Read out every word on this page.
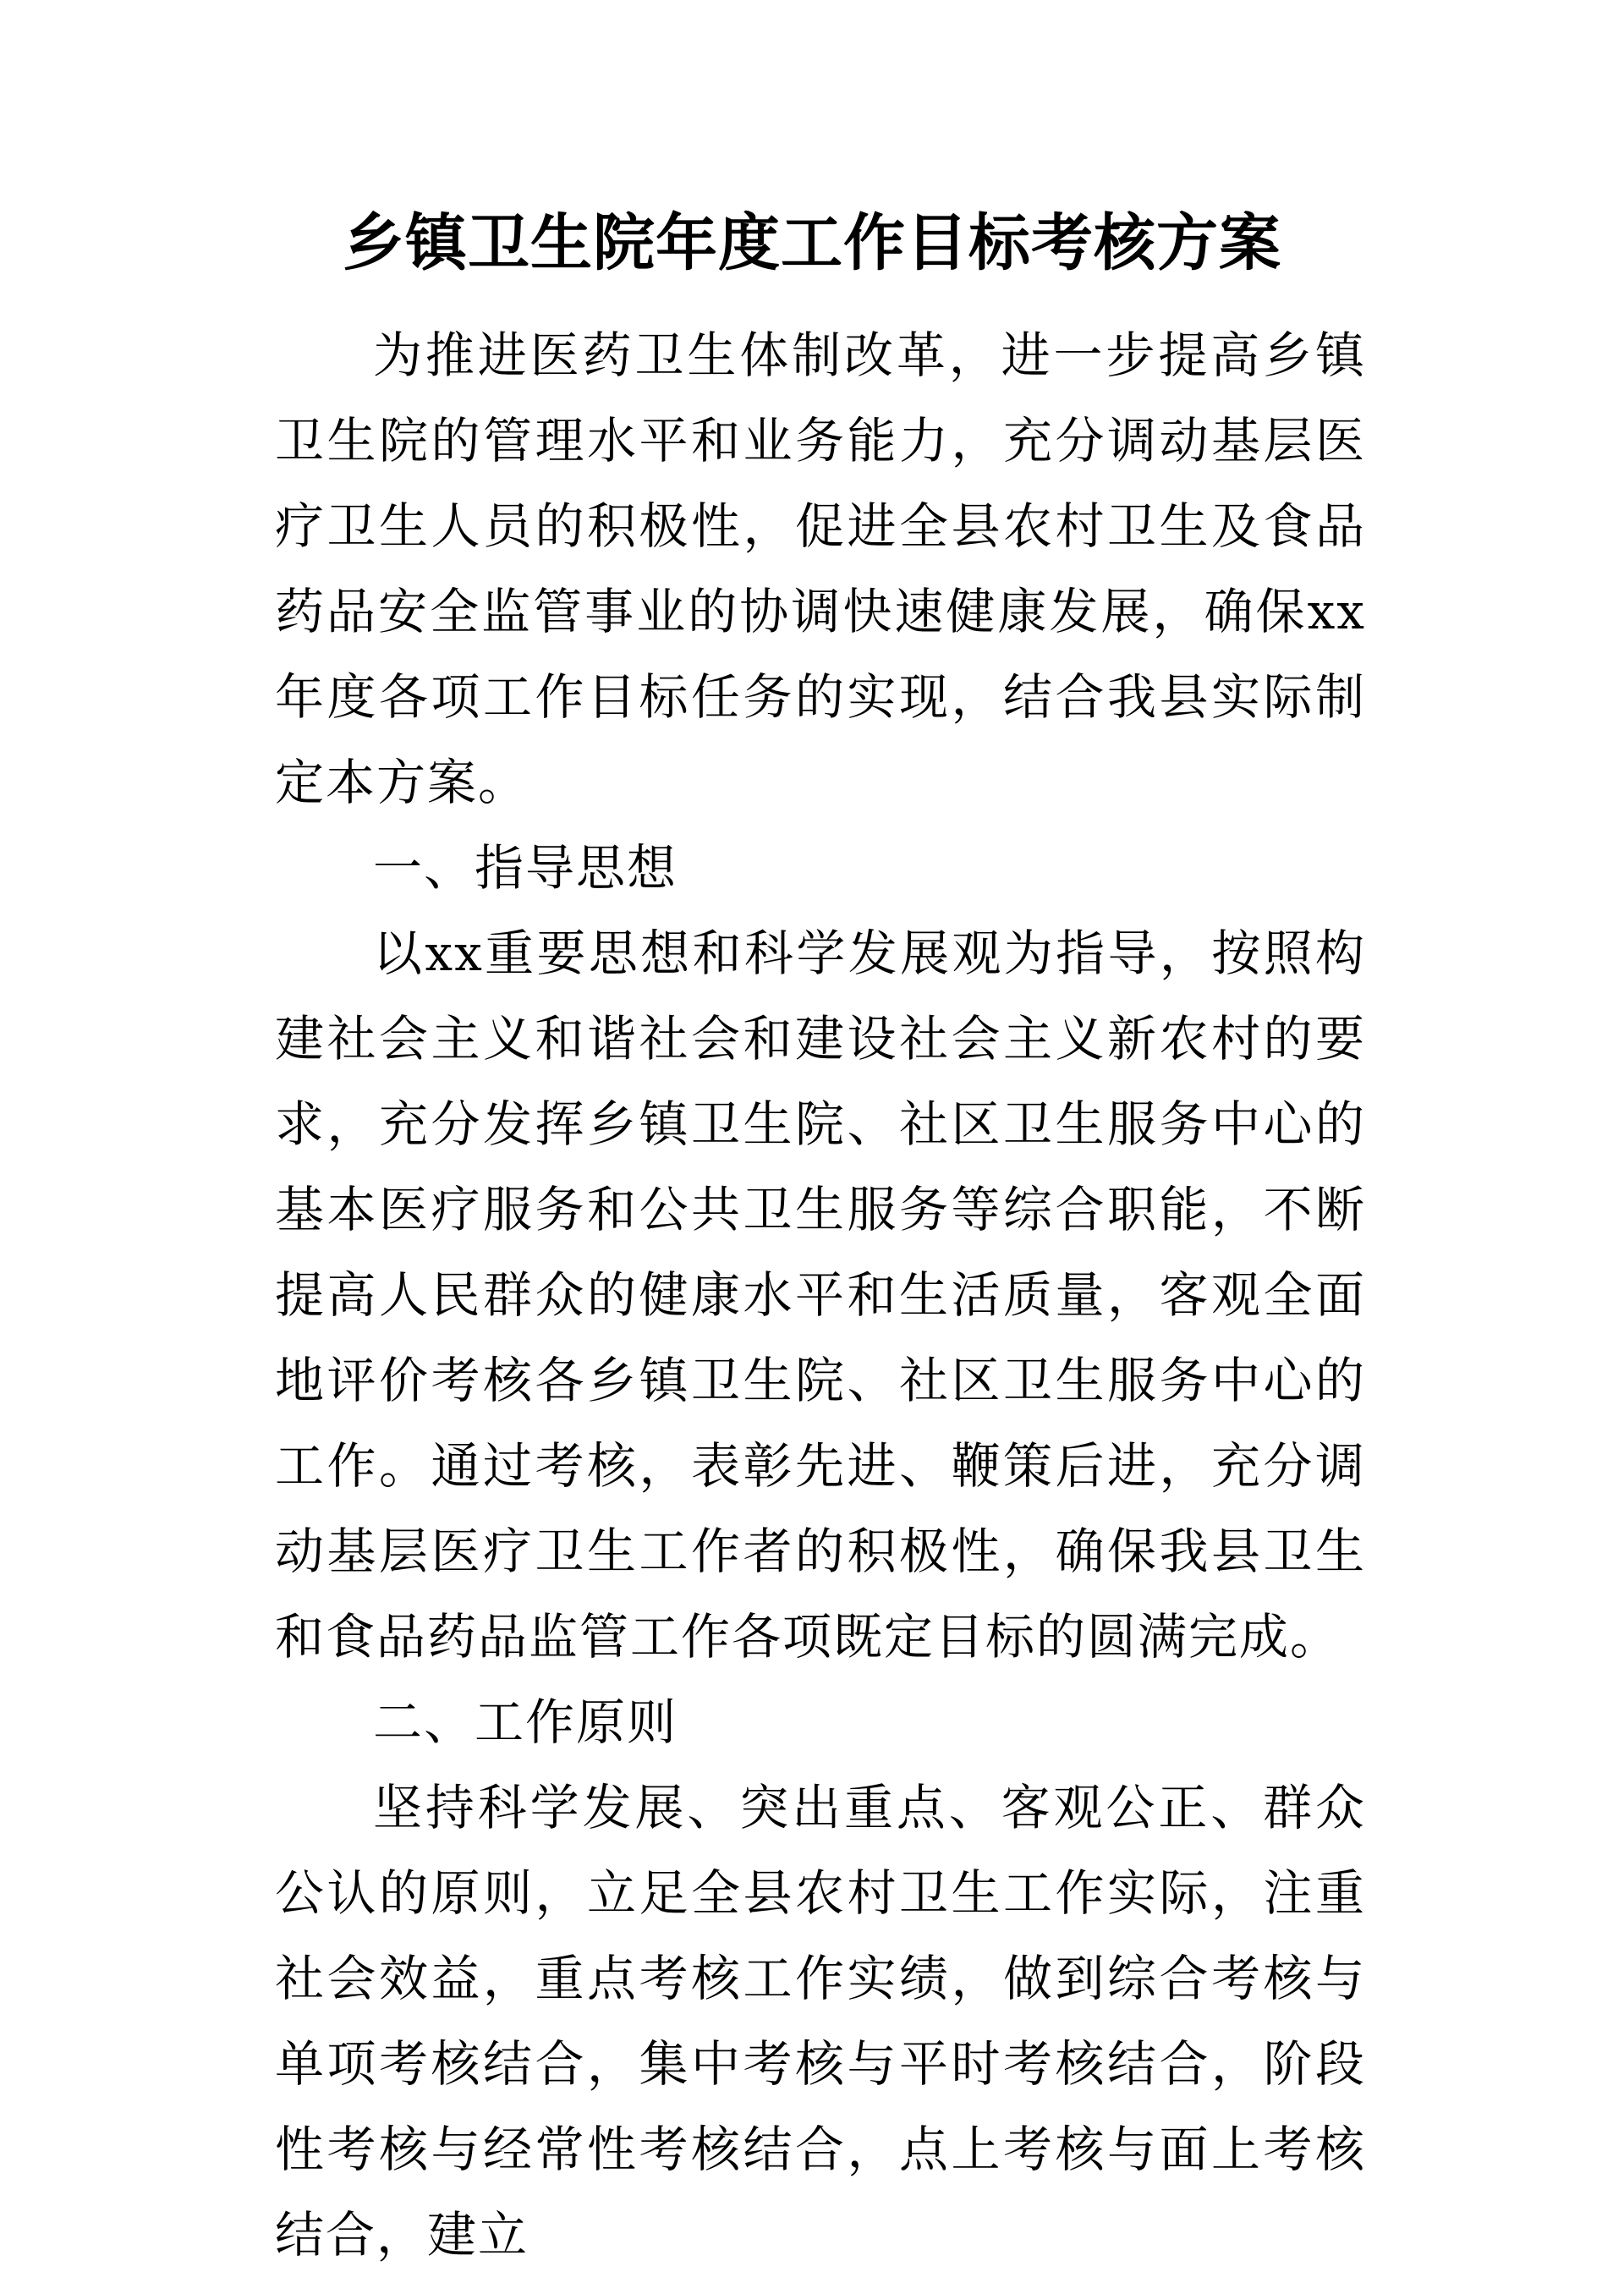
乡镇卫生院年度工作目标考核方案

为推进医药卫生体制改革，进一步提高乡镇卫生院的管理水平和业务能力，充分调动基层医疗卫生人员的积极性，促进全县农村卫生及食品药品安全监管事业的协调快速健康发展，确保xx年度各项工作目标任务的实现，结合我县实际制定本方案。

一、指导思想

以xx重要思想和科学发展观为指导，按照构建社会主义和谐社会和建设社会主义新农村的要求，充分发挥乡镇卫生院、社区卫生服务中心的基本医疗服务和公共卫生服务等综合职能，不断提高人民群众的健康水平和生活质量，客观全面地评价考核各乡镇卫生院、社区卫生服务中心的工作。通过考核，表彰先进、鞭策后进，充分调动基层医疗卫生工作者的积极性，确保我县卫生和食品药品监管工作各项既定目标的圆满完成。

二、工作原则

坚持科学发展、突出重点、客观公正、群众公认的原则，立足全县农村卫生工作实际，注重社会效益，重点考核工作实绩，做到综合考核与单项考核结合，集中考核与平时考核结合，阶段性考核与经常性考核结合，点上考核与面上考核结合，建立
